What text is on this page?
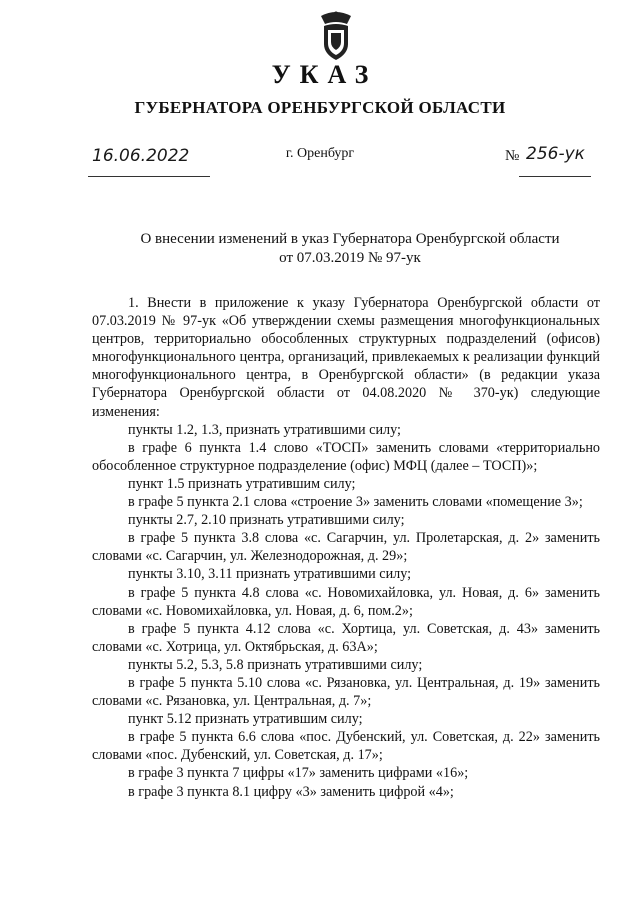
УКАЗ
ГУБЕРНАТОРА ОРЕНБУРГСКОЙ ОБЛАСТИ
16.06.2022	г. Оренбург	№ 256-ук
О внесении изменений в указ Губернатора Оренбургской области
от 07.03.2019 № 97-ук

1. Внести в приложение к указу Губернатора Оренбургской области от 07.03.2019 № 97-ук «Об утверждении схемы размещения многофункциональных центров, территориально обособленных структурных подразделений (офисов) многофункционального центра, организаций, привлекаемых к реализации функций многофункционального центра, в Оренбургской области» (в редакции указа Губернатора Оренбургской области от 04.08.2020 № 370-ук) следующие изменения:

пункты 1.2, 1.3, признать утратившими силу;

в графе 6 пункта 1.4 слово «ТОСП» заменить словами «территориально обособленное структурное подразделение (офис) МФЦ (далее – ТОСП)»;

пункт 1.5 признать утратившим силу;

в графе 5 пункта 2.1 слова «строение 3» заменить словами «помещение 3»;

пункты 2.7, 2.10 признать утратившими силу;

в графе 5 пункта 3.8 слова «с. Сагарчин, ул. Пролетарская, д. 2» заменить словами «с. Сагарчин, ул. Железнодорожная, д. 29»;

пункты 3.10, 3.11 признать утратившими силу;

в графе 5 пункта 4.8 слова «с. Новомихайловка, ул. Новая, д. 6» заменить словами «с. Новомихайловка, ул. Новая, д. 6, пом.2»;

в графе 5 пункта 4.12 слова «с. Хортица, ул. Советская, д. 43» заменить словами «с. Хотрица, ул. Октябрьская, д. 63А»;

пункты 5.2, 5.3, 5.8 признать утратившими силу;

в графе 5 пункта 5.10 слова «с. Рязановка, ул. Центральная, д. 19» заменить словами «с. Рязановка, ул. Центральная, д. 7»;

пункт 5.12 признать утратившим силу;

в графе 5 пункта 6.6 слова «пос. Дубенский, ул. Советская, д. 22» заменить словами «пос. Дубенский, ул. Советская, д. 17»;

в графе 3 пункта 7 цифры «17» заменить цифрами «16»;

в графе 3 пункта 8.1 цифру «3» заменить цифрой «4»;
